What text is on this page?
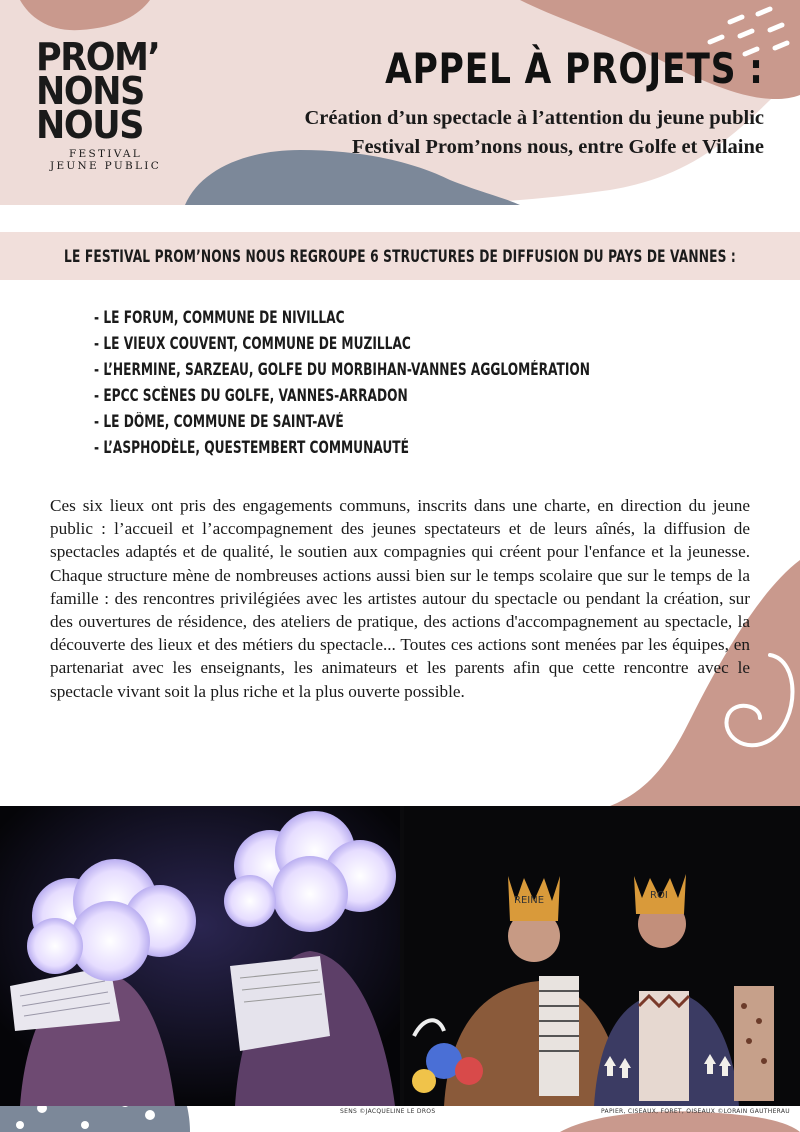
PROM’
NONS
NOUS
FESTIVAL
JEUNE PUBLIC
APPEL À PROJETS :
Création d’un spectacle à l’attention du jeune public
Festival Prom’nons nous, entre Golfe et Vilaine
LE FESTIVAL PROM’NONS NOUS REGROUPE 6 STRUCTURES DE DIFFUSION DU PAYS DE VANNES :
- LE FORUM, COMMUNE DE NIVILLAC
- LE VIEUX COUVENT, COMMUNE DE MUZILLAC
- L’HERMINE, SARZEAU, GOLFE DU MORBIHAN-VANNES AGGLOMÉRATION
- EPCC SCÈNES DU GOLFE, VANNES-ARRADON
- LE DÔME, COMMUNE DE SAINT-AVÉ
- L’ASPHODÈLE, QUESTEMBERT COMMUNAUTÉ

Ces six lieux ont pris des engagements communs, inscrits dans une charte, en direction du jeune public : l’accueil et l’accompagnement des jeunes spectateurs et de leurs aînés, la diffusion de spectacles adaptés et de qualité, le soutien aux compagnies qui créent pour l'enfance et la jeunesse. Chaque structure mène de nombreuses actions aussi bien sur le temps scolaire que sur le temps de la famille : des rencontres privilégiées avec les artistes autour du spectacle ou pendant la création, sur des ouvertures de résidence, des ateliers de pratique, des actions d'accompagnement au spectacle, la découverte des lieux et des métiers du spectacle... Toutes ces actions sont menées par les équipes, en partenariat avec les enseignants, les animateurs et les parents afin que cette rencontre avec le spectacle vivant soit la plus riche et la plus ouverte possible.

REINE	ROI
SENS ©JACQUELINE LE DROS	PAPIER, CISEAUX, FORET, OISEAUX ©LORAIN GAUTHERAU
